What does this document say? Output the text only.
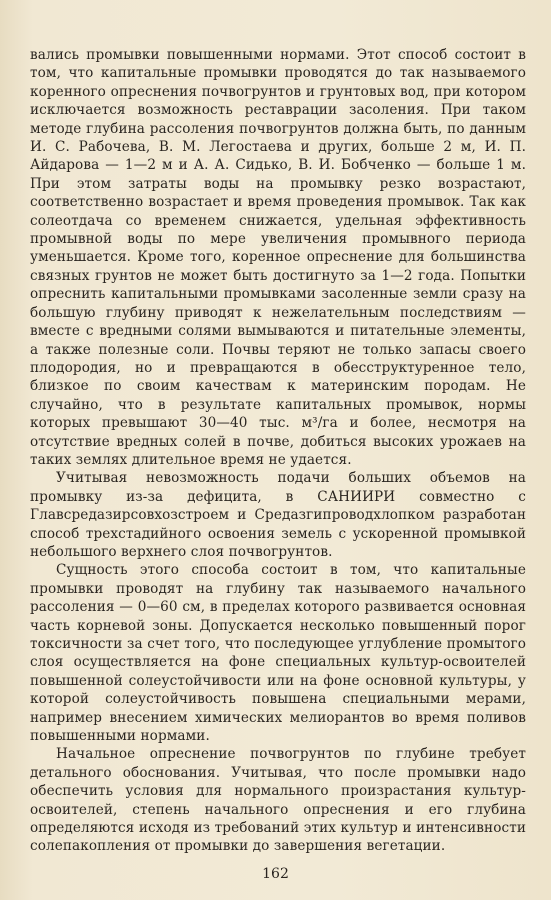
вались промывки повышенными нормами. Этот способ состоит в том, что капитальные промывки проводятся до так называемого коренного опреснения почвогрунтов и грунтовых вод, при котором исключается возможность реставрации засоления. При таком методе глубина рассоления почвогрунтов должна быть, по данным И. С. Рабочева, В. М. Легостаева и других, больше 2 м, И. П. Айдарова — 1—2 м и А. А. Сидько, В. И. Бобченко — больше 1 м. При этом затраты воды на промывку резко возрастают, соответственно возрастает и время проведения промывок. Так как солеотдача со временем снижается, удельная эффективность промывной воды по мере увеличения промывного периода уменьшается. Кроме того, коренное опреснение для большинства связных грунтов не может быть достигнуто за 1—2 года. Попытки опреснить капитальными промывками засоленные земли сразу на большую глубину приводят к нежелательным последствиям — вместе с вредными солями вымываются и питательные элементы, а также полезные соли. Почвы теряют не только запасы своего плодородия, но и превращаются в обесструктуренное тело, близкое по своим качествам к материнским породам. Не случайно, что в результате капитальных промывок, нормы которых превышают 30—40 тыс. м³/га и более, несмотря на отсутствие вредных солей в почве, добиться высоких урожаев на таких землях длительное время не удается.

Учитывая невозможность подачи больших объемов на промывку из-за дефицита, в САНИИРИ совместно с Главсредазирсовхозстроем и Средазгипроводхлопком разработан способ трехстадийного освоения земель с ускоренной промывкой небольшого верхнего слоя почвогрунтов.

Сущность этого способа состоит в том, что капитальные промывки проводят на глубину так называемого начального рассоления — 0—60 см, в пределах которого развивается основная часть корневой зоны. Допускается несколько повышенный порог токсичности за счет того, что последующее углубление промытого слоя осуществляется на фоне специальных культур-освоителей повышенной солеустойчивости или на фоне основной культуры, у которой солеустойчивость повышена специальными мерами, например внесением химических мелиорантов во время поливов повышенными нормами.

Начальное опреснение почвогрунтов по глубине требует детального обоснования. Учитывая, что после промывки надо обеспечить условия для нормального произрастания культур-освоителей, степень начального опреснения и его глубина определяются исходя из требований этих культур и интенсивности солепакопления от промывки до завершения вегетации.

162
